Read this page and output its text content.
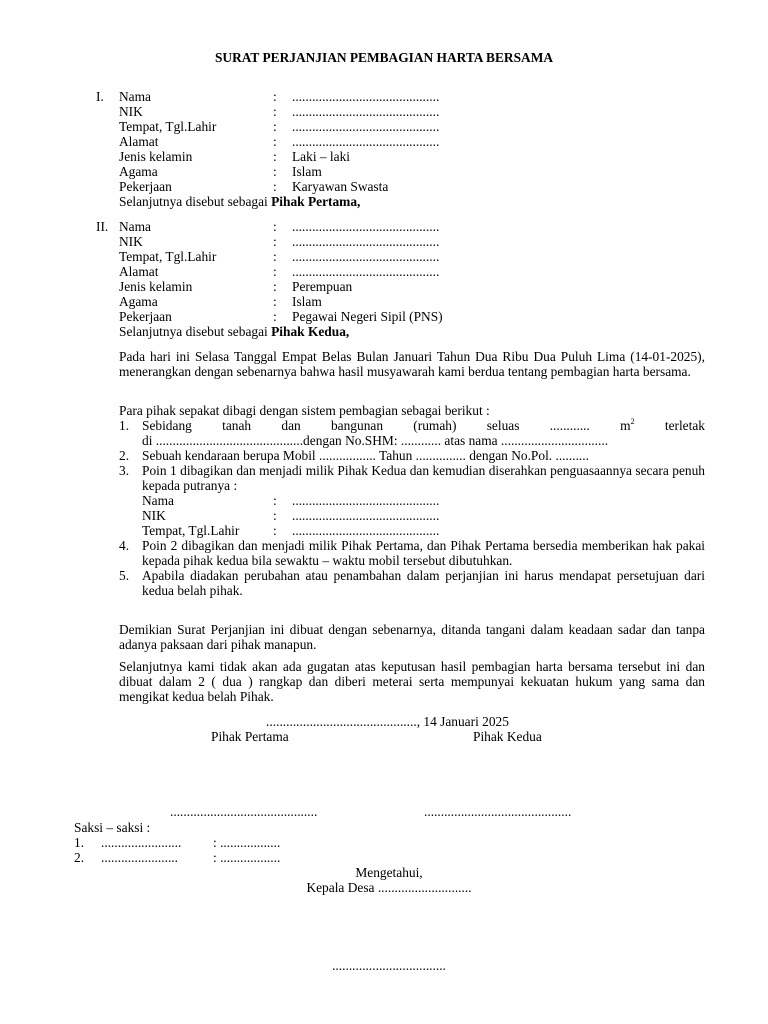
SURAT PERJANJIAN PEMBAGIAN HARTA BERSAMA
I. Nama	: ............................................
NIK	: ............................................
Tempat, Tgl.Lahir	: ............................................
Alamat	: ............................................
Jenis kelamin	: Laki – laki
Agama	: Islam
Pekerjaan	: Karyawan Swasta
Selanjutnya disebut sebagai Pihak Pertama,
II. Nama	: ............................................
NIK	: ............................................
Tempat, Tgl.Lahir	: ............................................
Alamat	: ............................................
Jenis kelamin	: Perempuan
Agama	: Islam
Pekerjaan	: Pegawai Negeri Sipil (PNS)
Selanjutnya disebut sebagai Pihak Kedua,
Pada hari ini Selasa Tanggal Empat Belas Bulan Januari Tahun Dua Ribu Dua Puluh Lima (14-01-2025), menerangkan dengan sebenarnya bahwa hasil musyawarah kami berdua tentang pembagian harta bersama.
Para pihak sepakat dibagi dengan sistem pembagian sebagai berikut :
1. Sebidang tanah dan bangunan (rumah) seluas ............ $m^2$ terletak
di ............................................dengan No.SHM: ............ atas nama ................................
2. Sebuah kendaraan berupa Mobil ................. Tahun ............... dengan No.Pol. ..........
3. Poin 1 dibagikan dan menjadi milik Pihak Kedua dan kemudian diserahkan penguasaannya secara penuh kepada putranya :
Nama	: ............................................
NIK	: ............................................
Tempat, Tgl.Lahir	: ............................................
4. Poin 2 dibagikan dan menjadi milik Pihak Pertama, dan Pihak Pertama bersedia memberikan hak pakai kepada pihak kedua bila sewaktu – waktu mobil tersebut dibutuhkan.
5. Apabila diadakan perubahan atau penambahan dalam perjanjian ini harus mendapat persetujuan dari kedua belah pihak.
Demikian Surat Perjanjian ini dibuat dengan sebenarnya, ditanda tangani dalam keadaan sadar dan tanpa adanya paksaan dari pihak manapun.
Selanjutnya kami tidak akan ada gugatan atas keputusan hasil pembagian harta bersama tersebut ini dan dibuat dalam 2 ( dua ) rangkap dan diberi meterai serta mempunyai kekuatan hukum yang sama dan mengikat kedua belah Pihak.
............................................., 14 Januari 2025
Pihak Pertama	Pihak Kedua
............................................	............................................
Saksi – saksi :
1. ........................ : ..................
2. .......................	: ..................
Mengetahui,
Kepala Desa ............................
..................................
